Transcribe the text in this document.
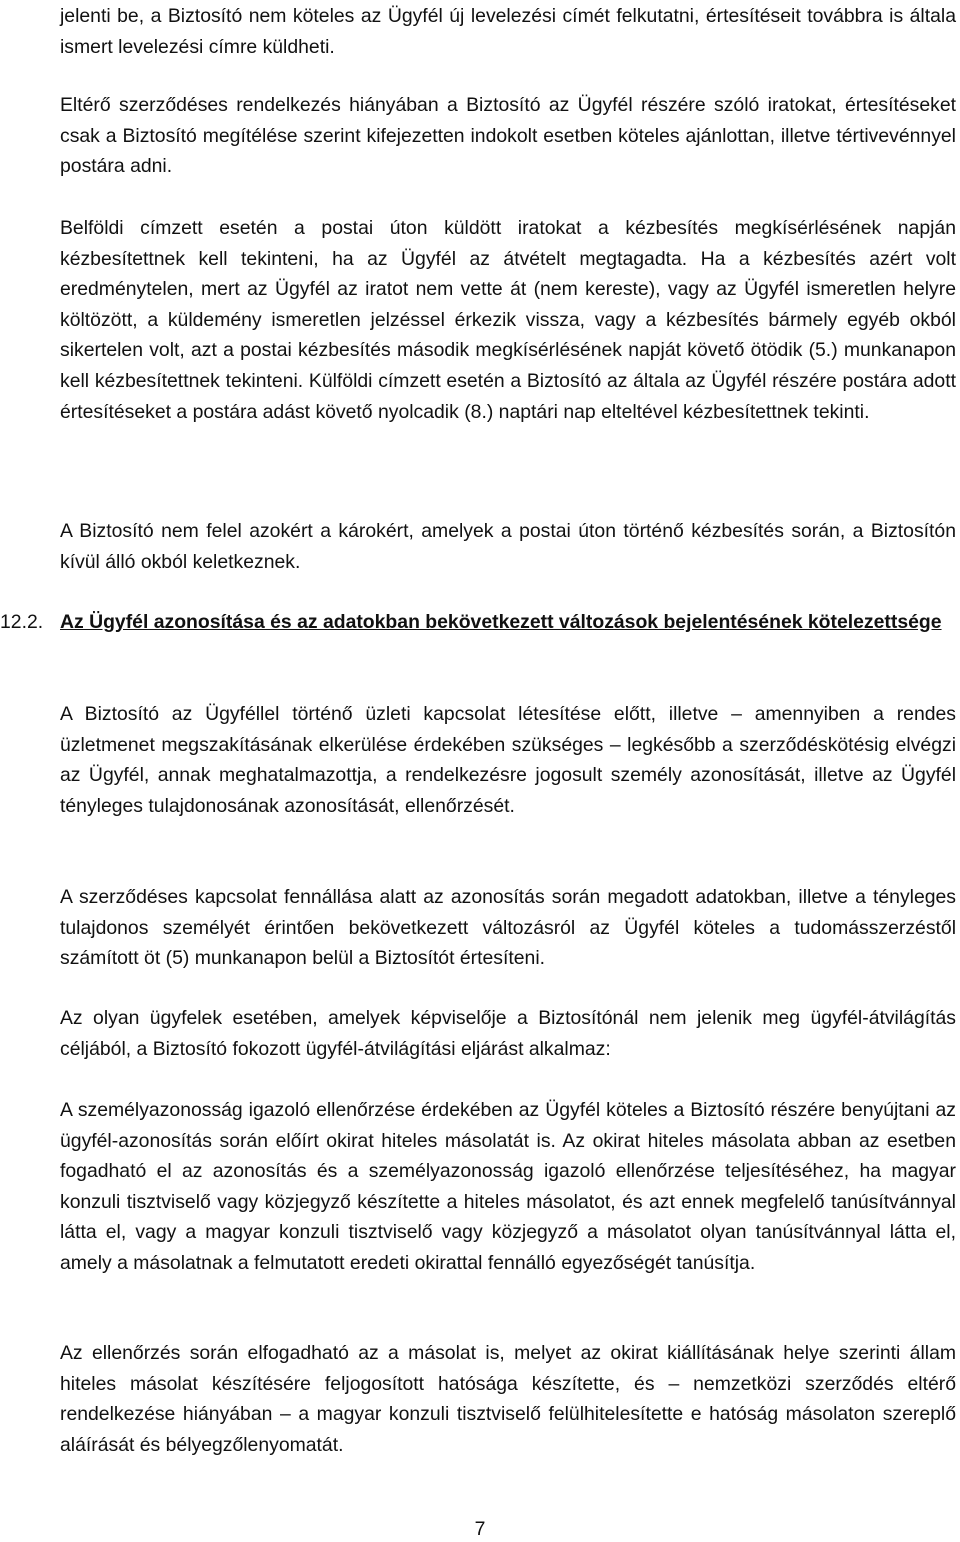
jelenti be, a Biztosító nem köteles az Ügyfél új levelezési címét felkutatni, értesítéseit továbbra is általa ismert levelezési címre küldheti.

Eltérő szerződéses rendelkezés hiányában a Biztosító az Ügyfél részére szóló iratokat, értesítéseket csak a Biztosító megítélése szerint kifejezetten indokolt esetben köteles ajánlottan, illetve tértivevénnyel postára adni.

Belföldi címzett esetén a postai úton küldött iratokat a kézbesítés megkísérlésének napján kézbesítettnek kell tekinteni, ha az Ügyfél az átvételt megtagadta. Ha a kézbesítés azért volt eredménytelen, mert az Ügyfél az iratot nem vette át (nem kereste), vagy az Ügyfél ismeretlen helyre költözött, a küldemény ismeretlen jelzéssel érkezik vissza, vagy a kézbesítés bármely egyéb okból sikertelen volt, azt a postai kézbesítés második megkísérlésének napját követő ötödik (5.) munkanapon kell kézbesítettnek tekinteni. Külföldi címzett esetén a Biztosító az általa az Ügyfél részére postára adott értesítéseket a postára adást követő nyolcadik (8.) naptári nap elteltével kézbesítettnek tekinti.

A Biztosító nem felel azokért a károkért, amelyek a postai úton történő kézbesítés során, a Biztosítón kívül álló okból keletkeznek.

12.2. Az Ügyfél azonosítása és az adatokban bekövetkezett változások bejelentésének kötelezettsége

A Biztosító az Ügyféllel történő üzleti kapcsolat létesítése előtt, illetve – amennyiben a rendes üzletmenet megszakításának elkerülése érdekében szükséges – legkésőbb a szerződéskötésig elvégzi az Ügyfél, annak meghatalmazottja, a rendelkezésre jogosult személy azonosítását, illetve az Ügyfél tényleges tulajdonosának azonosítását, ellenőrzését.

A szerződéses kapcsolat fennállása alatt az azonosítás során megadott adatokban, illetve a tényleges tulajdonos személyét érintően bekövetkezett változásról az Ügyfél köteles a tudomásszerzéstől számított öt (5) munkanapon belül a Biztosítót értesíteni.

Az olyan ügyfelek esetében, amelyek képviselője a Biztosítónál nem jelenik meg ügyfél-átvilágítás céljából, a Biztosító fokozott ügyfél-átvilágítási eljárást alkalmaz:

A személyazonosság igazoló ellenőrzése érdekében az Ügyfél köteles a Biztosító részére benyújtani az ügyfél-azonosítás során előírt okirat hiteles másolatát is. Az okirat hiteles másolata abban az esetben fogadható el az azonosítás és a személyazonosság igazoló ellenőrzése teljesítéséhez, ha magyar konzuli tisztviselő vagy közjegyző készítette a hiteles másolatot, és azt ennek megfelelő tanúsítvánnyal látta el, vagy a magyar konzuli tisztviselő vagy közjegyző a másolatot olyan tanúsítvánnyal látta el, amely a másolatnak a felmutatott eredeti okirattal fennálló egyezőségét tanúsítja.

Az ellenőrzés során elfogadható az a másolat is, melyet az okirat kiállításának helye szerinti állam hiteles másolat készítésére feljogosított hatósága készítette, és – nemzetközi szerződés eltérő rendelkezése hiányában – a magyar konzuli tisztviselő felülhitelesítette e hatóság másolaton szereplő aláírását és bélyegzőlenyomatát.

7
